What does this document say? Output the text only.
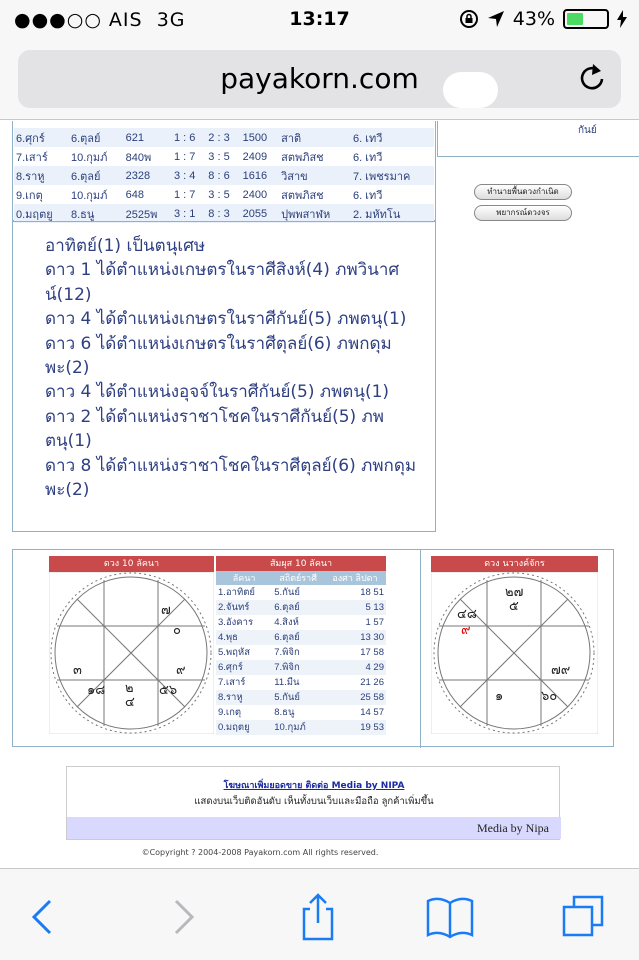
●●●○○ AIS 3G	13:17	43%
payakorn.com
6.ศุกร์	6.ตุลย์	621	1 : 6	2 : 3	1500	สาติ	6. เทวี
7.เสาร์	10.กุมภ์	840พ	1 : 7	3 : 5	2409	สตพภิสช	6. เทวี
8.ราหู	6.ตุลย์	2328	3 : 4	8 : 6	1616	วิสาข	7. เพชรมาค
9.เกตุ	10.กุมภ์	648	1 : 7	3 : 5	2400	สตพภิสช	6. เทวี
0.มฤตยู	8.ธนู	2525พ	3 : 1	8 : 3	2055	ปุพพสาฬห	2. มหัทโน
กันย์
ทำนายพื้นดวงกำเนิด
พยากรณ์ดวงจร

อาทิตย์(1) เป็นตนุเศษ

ดาว 1 ได้ตำแหน่งเกษตรในราศีสิงห์(4) ภพวินาศน์(12)

ดาว 4 ได้ตำแหน่งเกษตรในราศีกันย์(5) ภพตนุ(1)

ดาว 6 ได้ตำแหน่งเกษตรในราศีตุลย์(6) ภพกดุมพะ(2)

ดาว 4 ได้ตำแหน่งอุจจ์ในราศีกันย์(5) ภพตนุ(1)

ดาว 2 ได้ตำแหน่งราชาโชคในราศีกันย์(5) ภพตนุ(1)

ดาว 8 ได้ตำแหน่งราชาโชคในราศีตุลย์(6) ภพกดุมพะ(2)

ดวง 10 ลัคนา
๗
๐
๙
๕๖
๒
๔
๑๘
๓
สัมผุส 10 ลัคนา
ลัคนา	สถิตย์ราศี	องศา ลิปดา
1.อาทิตย์	5.กันย์	18 51
2.จันทร์	6.ตุลย์	5 13
3.อังคาร	4.สิงห์	1 57
4.พุธ	6.ตุลย์	13 30
5.พฤหัส	7.พิจิก	17 58
6.ศุกร์	7.พิจิก	4 29
7.เสาร์	11.มีน	21 26
8.ราหู	5.กันย์	25 58
9.เกตุ	8.ธนู	14 57
0.มฤตยู	10.กุมภ์	19 53
ดวง นวางค์จักร
๒๗
๕
๔๘
๙
๗๙
๑	๖๐
โฆษณาเพิ่มยอดขาย ติดต่อ Media by NIPA
แสดงบนเว็บติดอันดับ เห็นทั้งบนเว็บและมือถือ ลูกค้าเพิ่มขึ้น
Media by Nipa
©Copyright ? 2004-2008 Payakorn.com All rights reserved.
